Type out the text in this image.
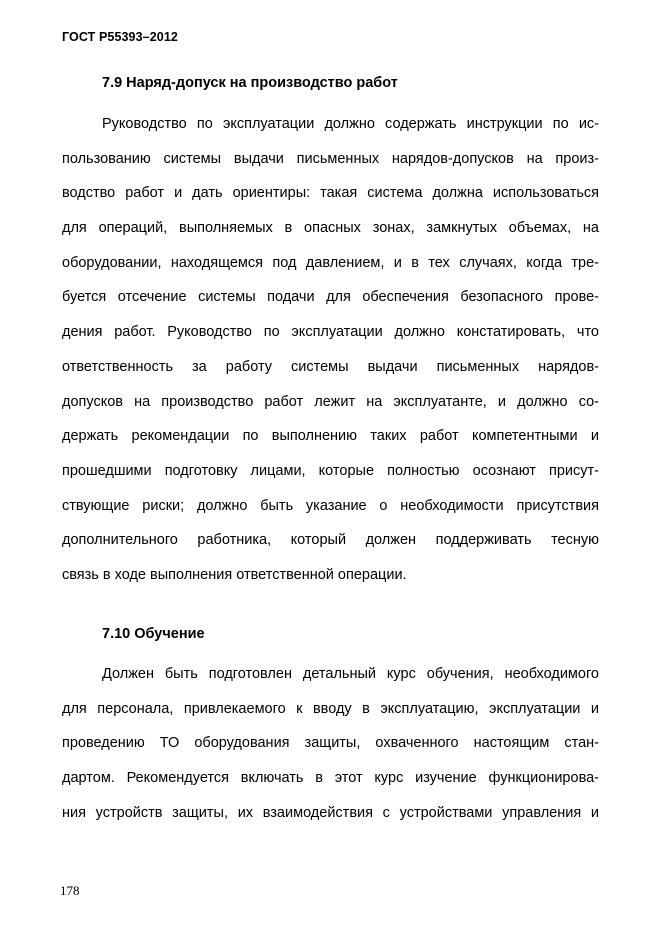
ГОСТ Р55393–2012
7.9 Наряд-допуск на производство работ
Руководство по эксплуатации должно содержать инструкции по ис-
пользованию системы выдачи письменных нарядов-допусков на произ-
водство работ и дать ориентиры: такая система должна использоваться
для операций, выполняемых в опасных зонах, замкнутых объемах, на
оборудовании, находящемся под давлением, и в тех случаях, когда тре-
буется отсечение системы подачи для обеспечения безопасного прове-
дения работ. Руководство по эксплуатации должно констатировать, что
ответственность за работу системы выдачи письменных нарядов-
допусков на производство работ лежит на эксплуатанте, и должно со-
держать рекомендации по выполнению таких работ компетентными и
прошедшими подготовку лицами, которые полностью осознают присут-
ствующие риски; должно быть указание о необходимости присутствия
дополнительного работника, который должен поддерживать тесную
связь в ходе выполнения ответственной операции.
7.10 Обучение
Должен быть подготовлен детальный курс обучения, необходимого
для персонала, привлекаемого к вводу в эксплуатацию, эксплуатации и
проведению ТО оборудования защиты, охваченного настоящим стан-
дартом. Рекомендуется включать в этот курс изучение функционирова-
ния устройств защиты, их взаимодействия с устройствами управления и
178
